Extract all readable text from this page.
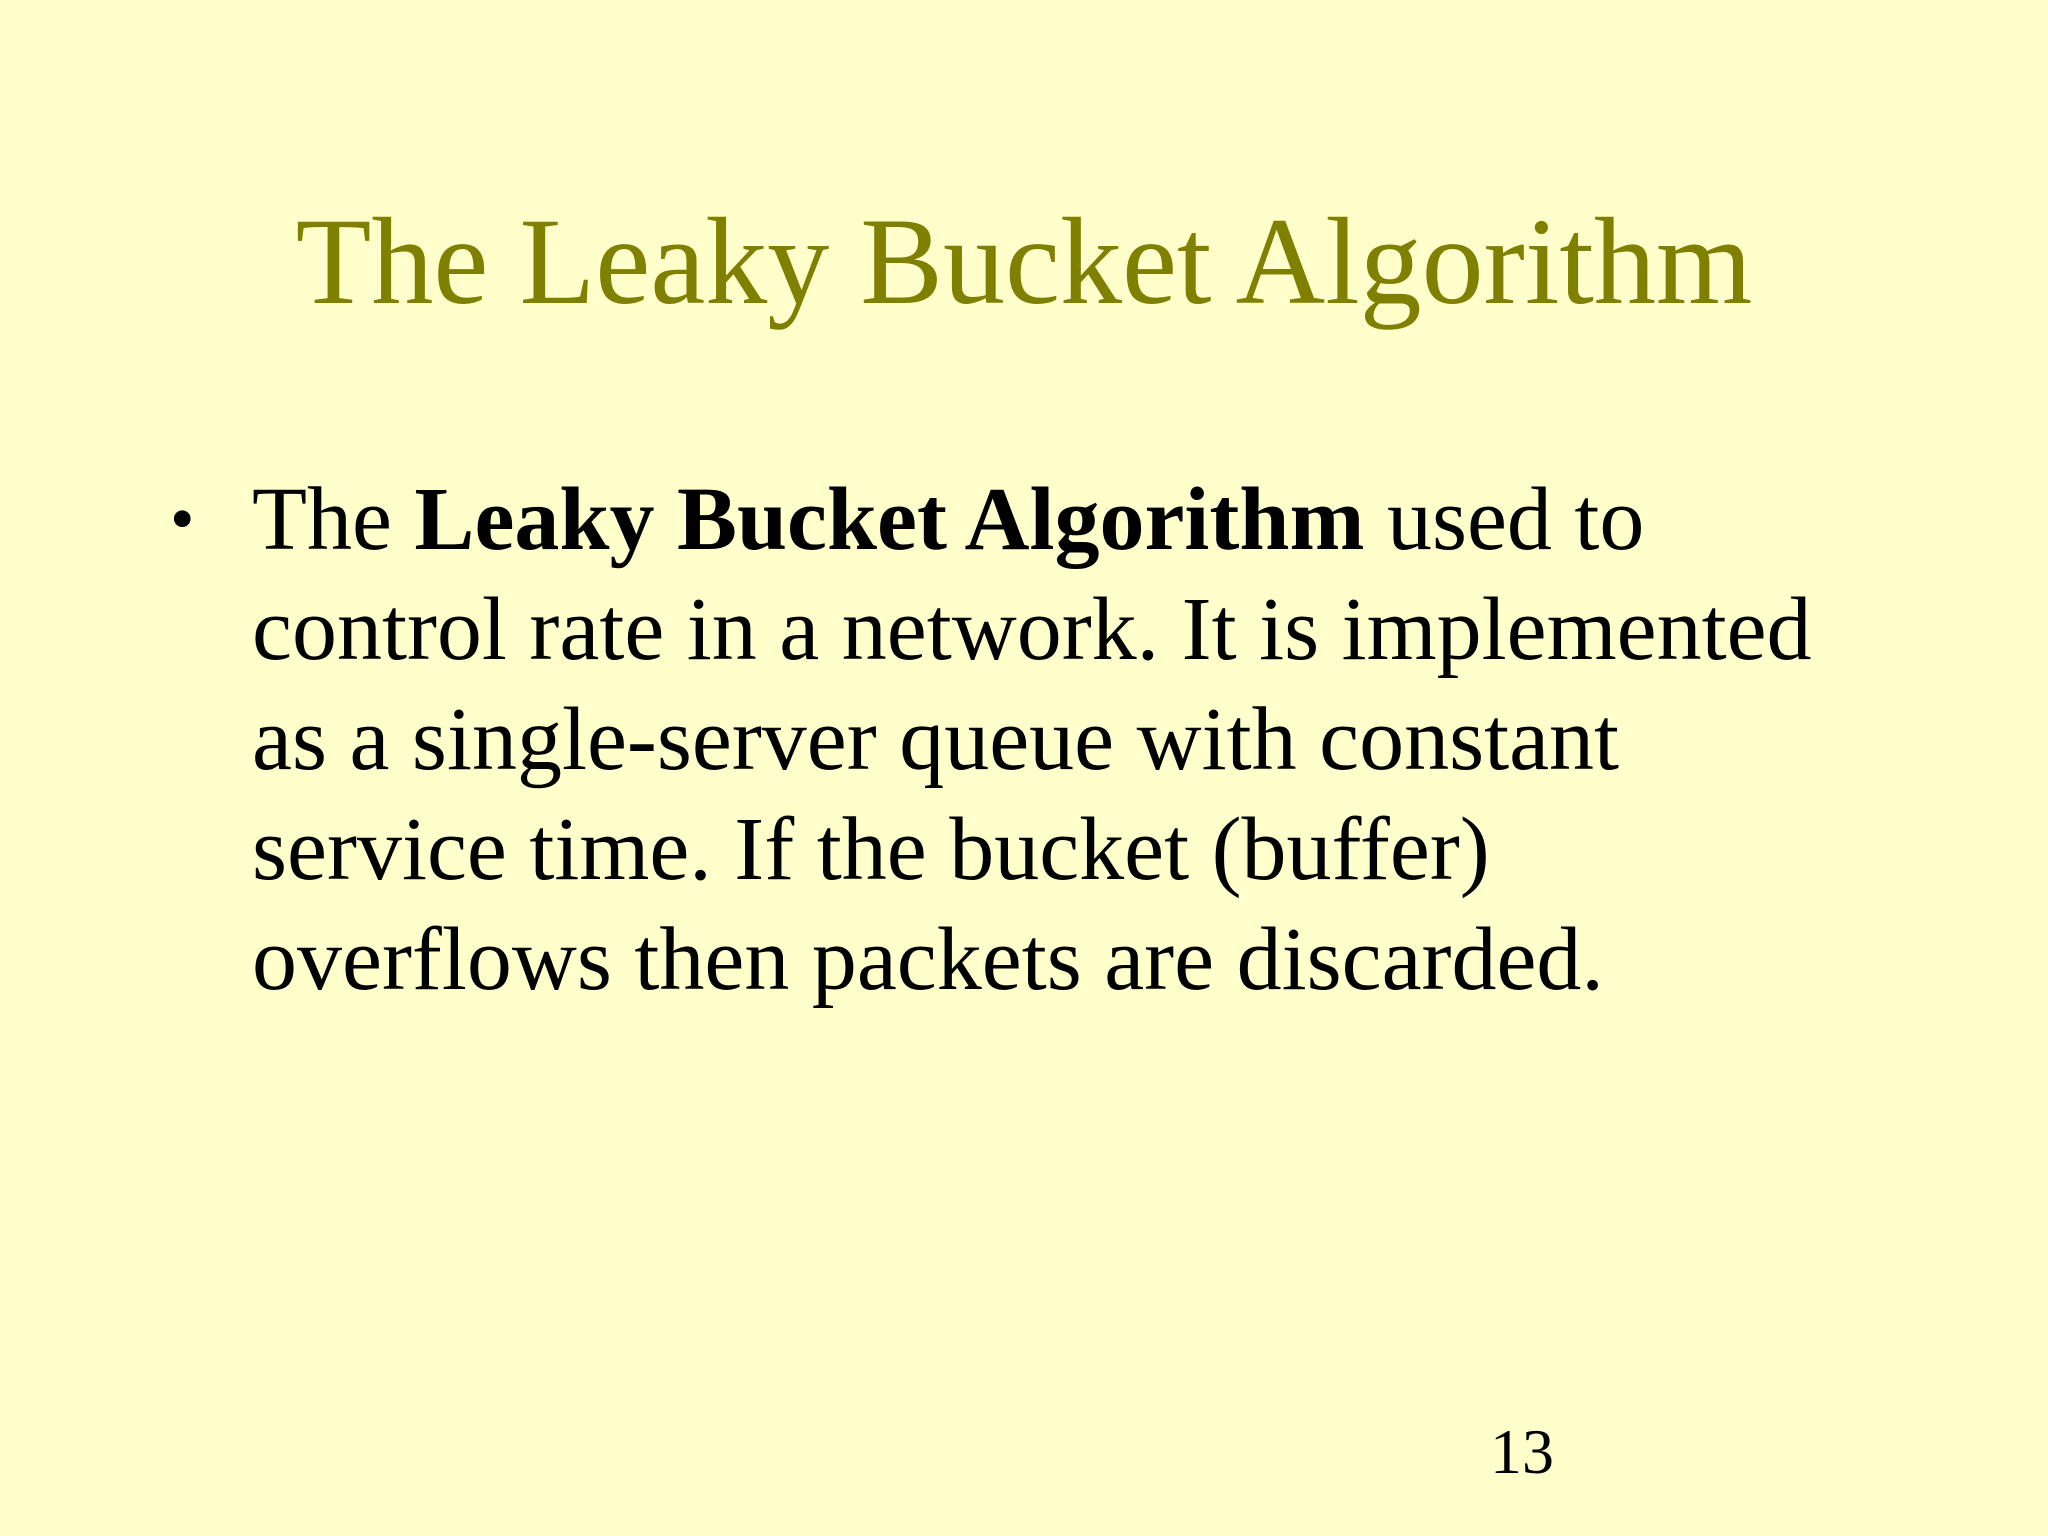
The Leaky Bucket Algorithm
• The Leaky Bucket Algorithm used to control rate in a network. It is implemented as a single-server queue with constant service time. If the bucket (buffer) overflows then packets are discarded.
13
